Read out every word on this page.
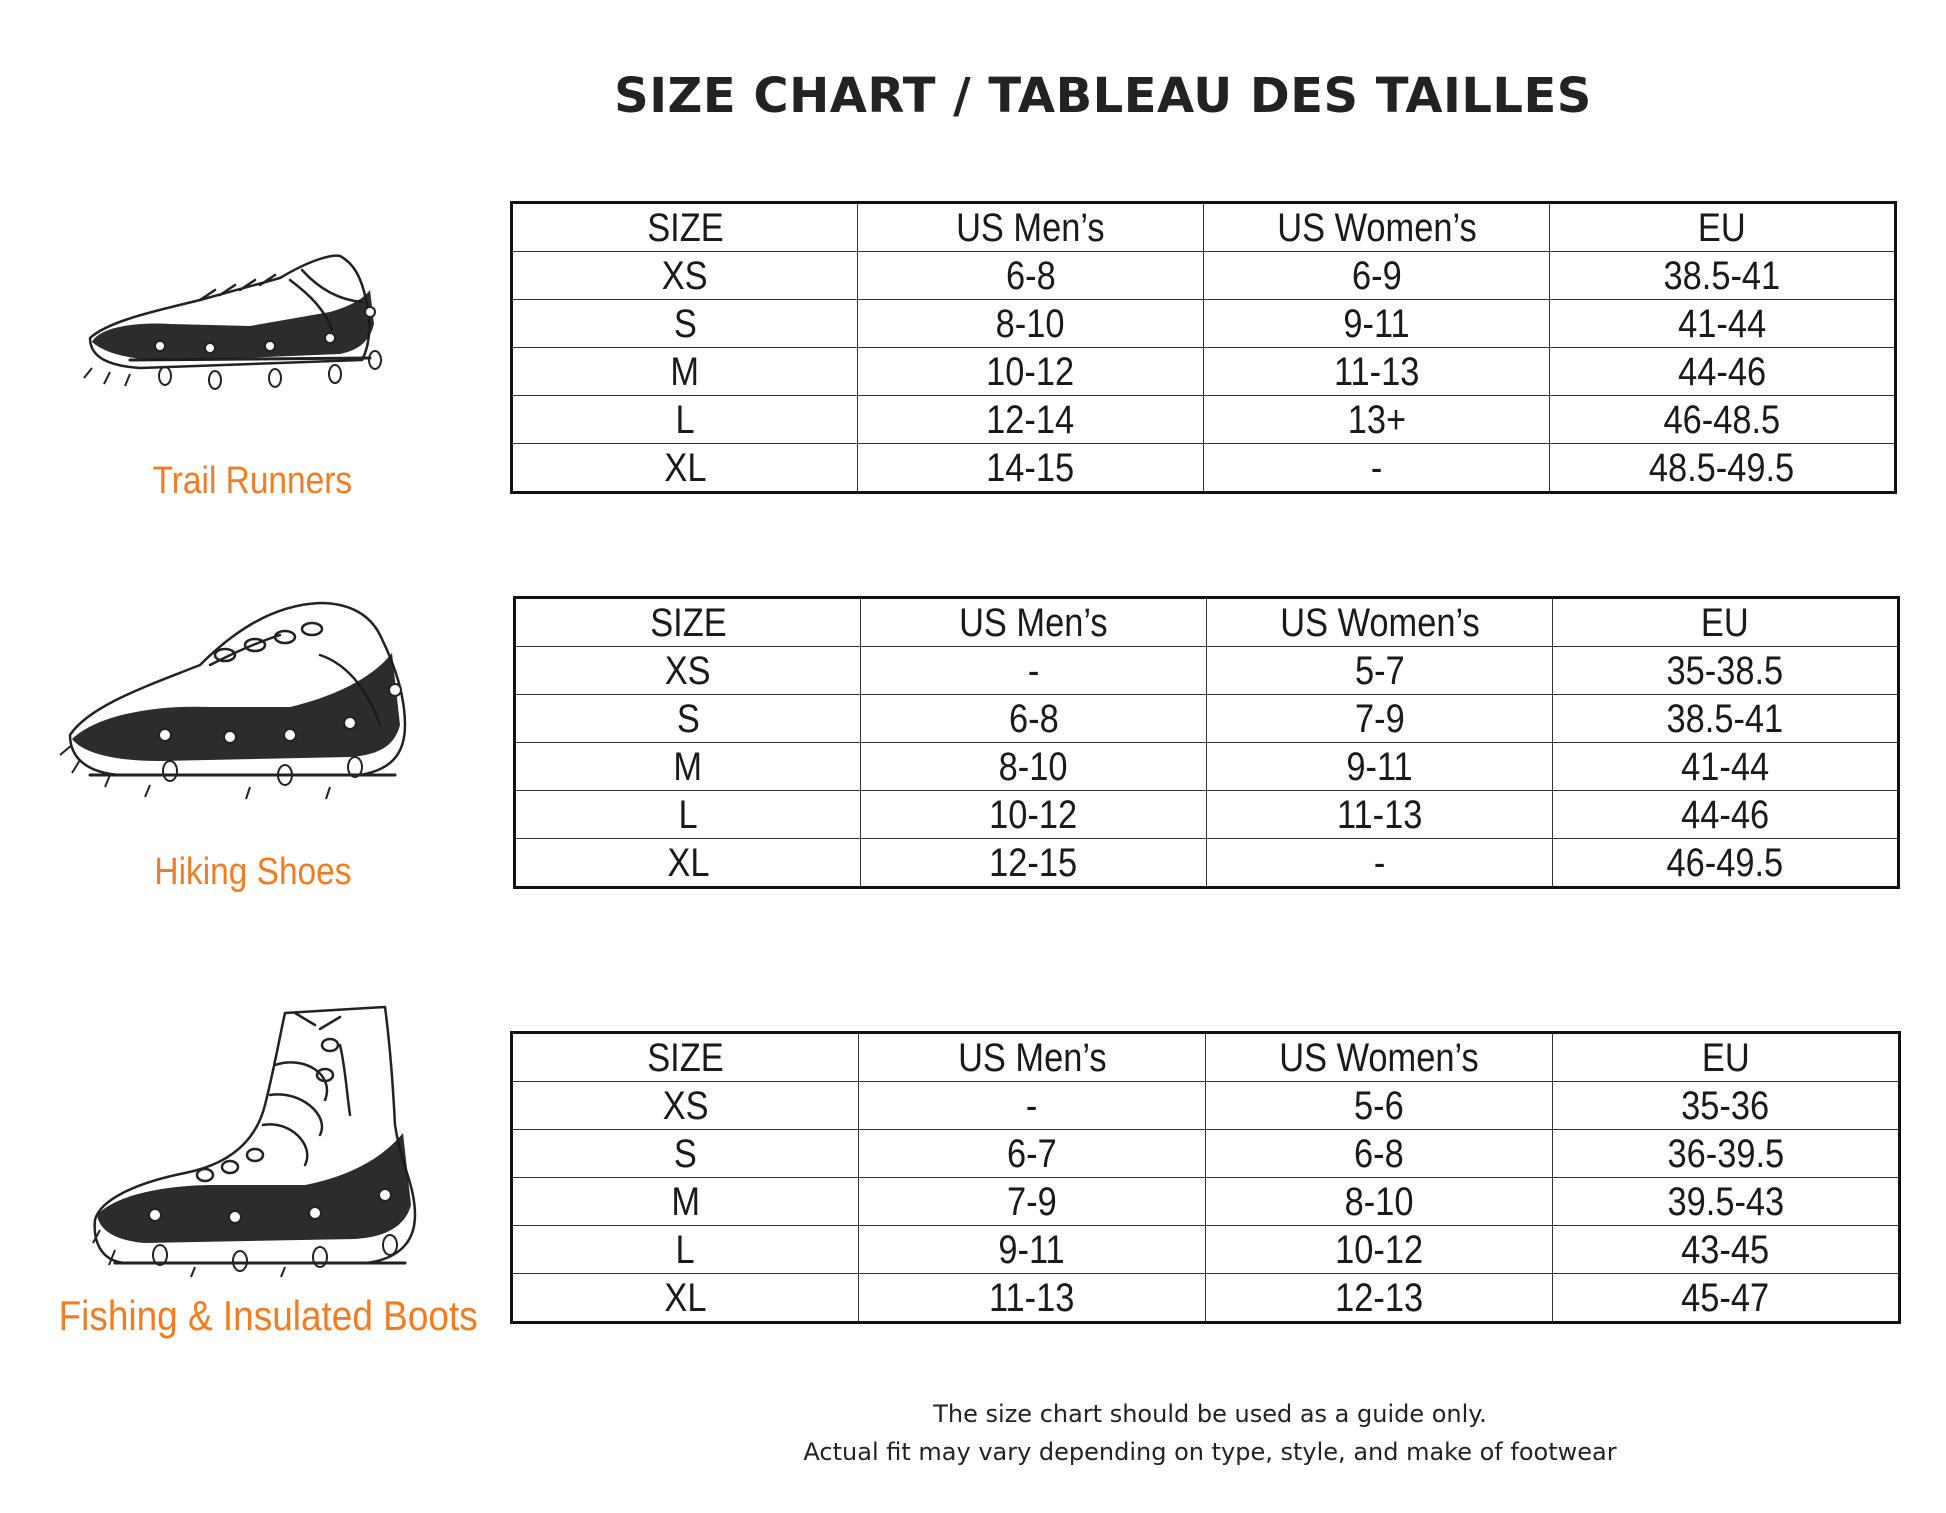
SIZE CHART / TABLEAU DES TAILLES
Trail Runners
Hiking Shoes
Fishing & Insulated Boots
SIZE	US Men’s	US Women’s	EU
XS	6-8	6-9	38.5-41
S	8-10	9-11	41-44
M	10-12	11-13	44-46
L	12-14	13+	46-48.5
XL	14-15	-	48.5-49.5
SIZE	US Men’s	US Women’s	EU
XS	-	5-7	35-38.5
S	6-8	7-9	38.5-41
M	8-10	9-11	41-44
L	10-12	11-13	44-46
XL	12-15	-	46-49.5
SIZE	US Men’s	US Women’s	EU
XS	-	5-6	35-36
S	6-7	6-8	36-39.5
M	7-9	8-10	39.5-43
L	9-11	10-12	43-45
XL	11-13	12-13	45-47
The size chart should be used as a guide only.
Actual fit may vary depending on type, style, and make of footwear
